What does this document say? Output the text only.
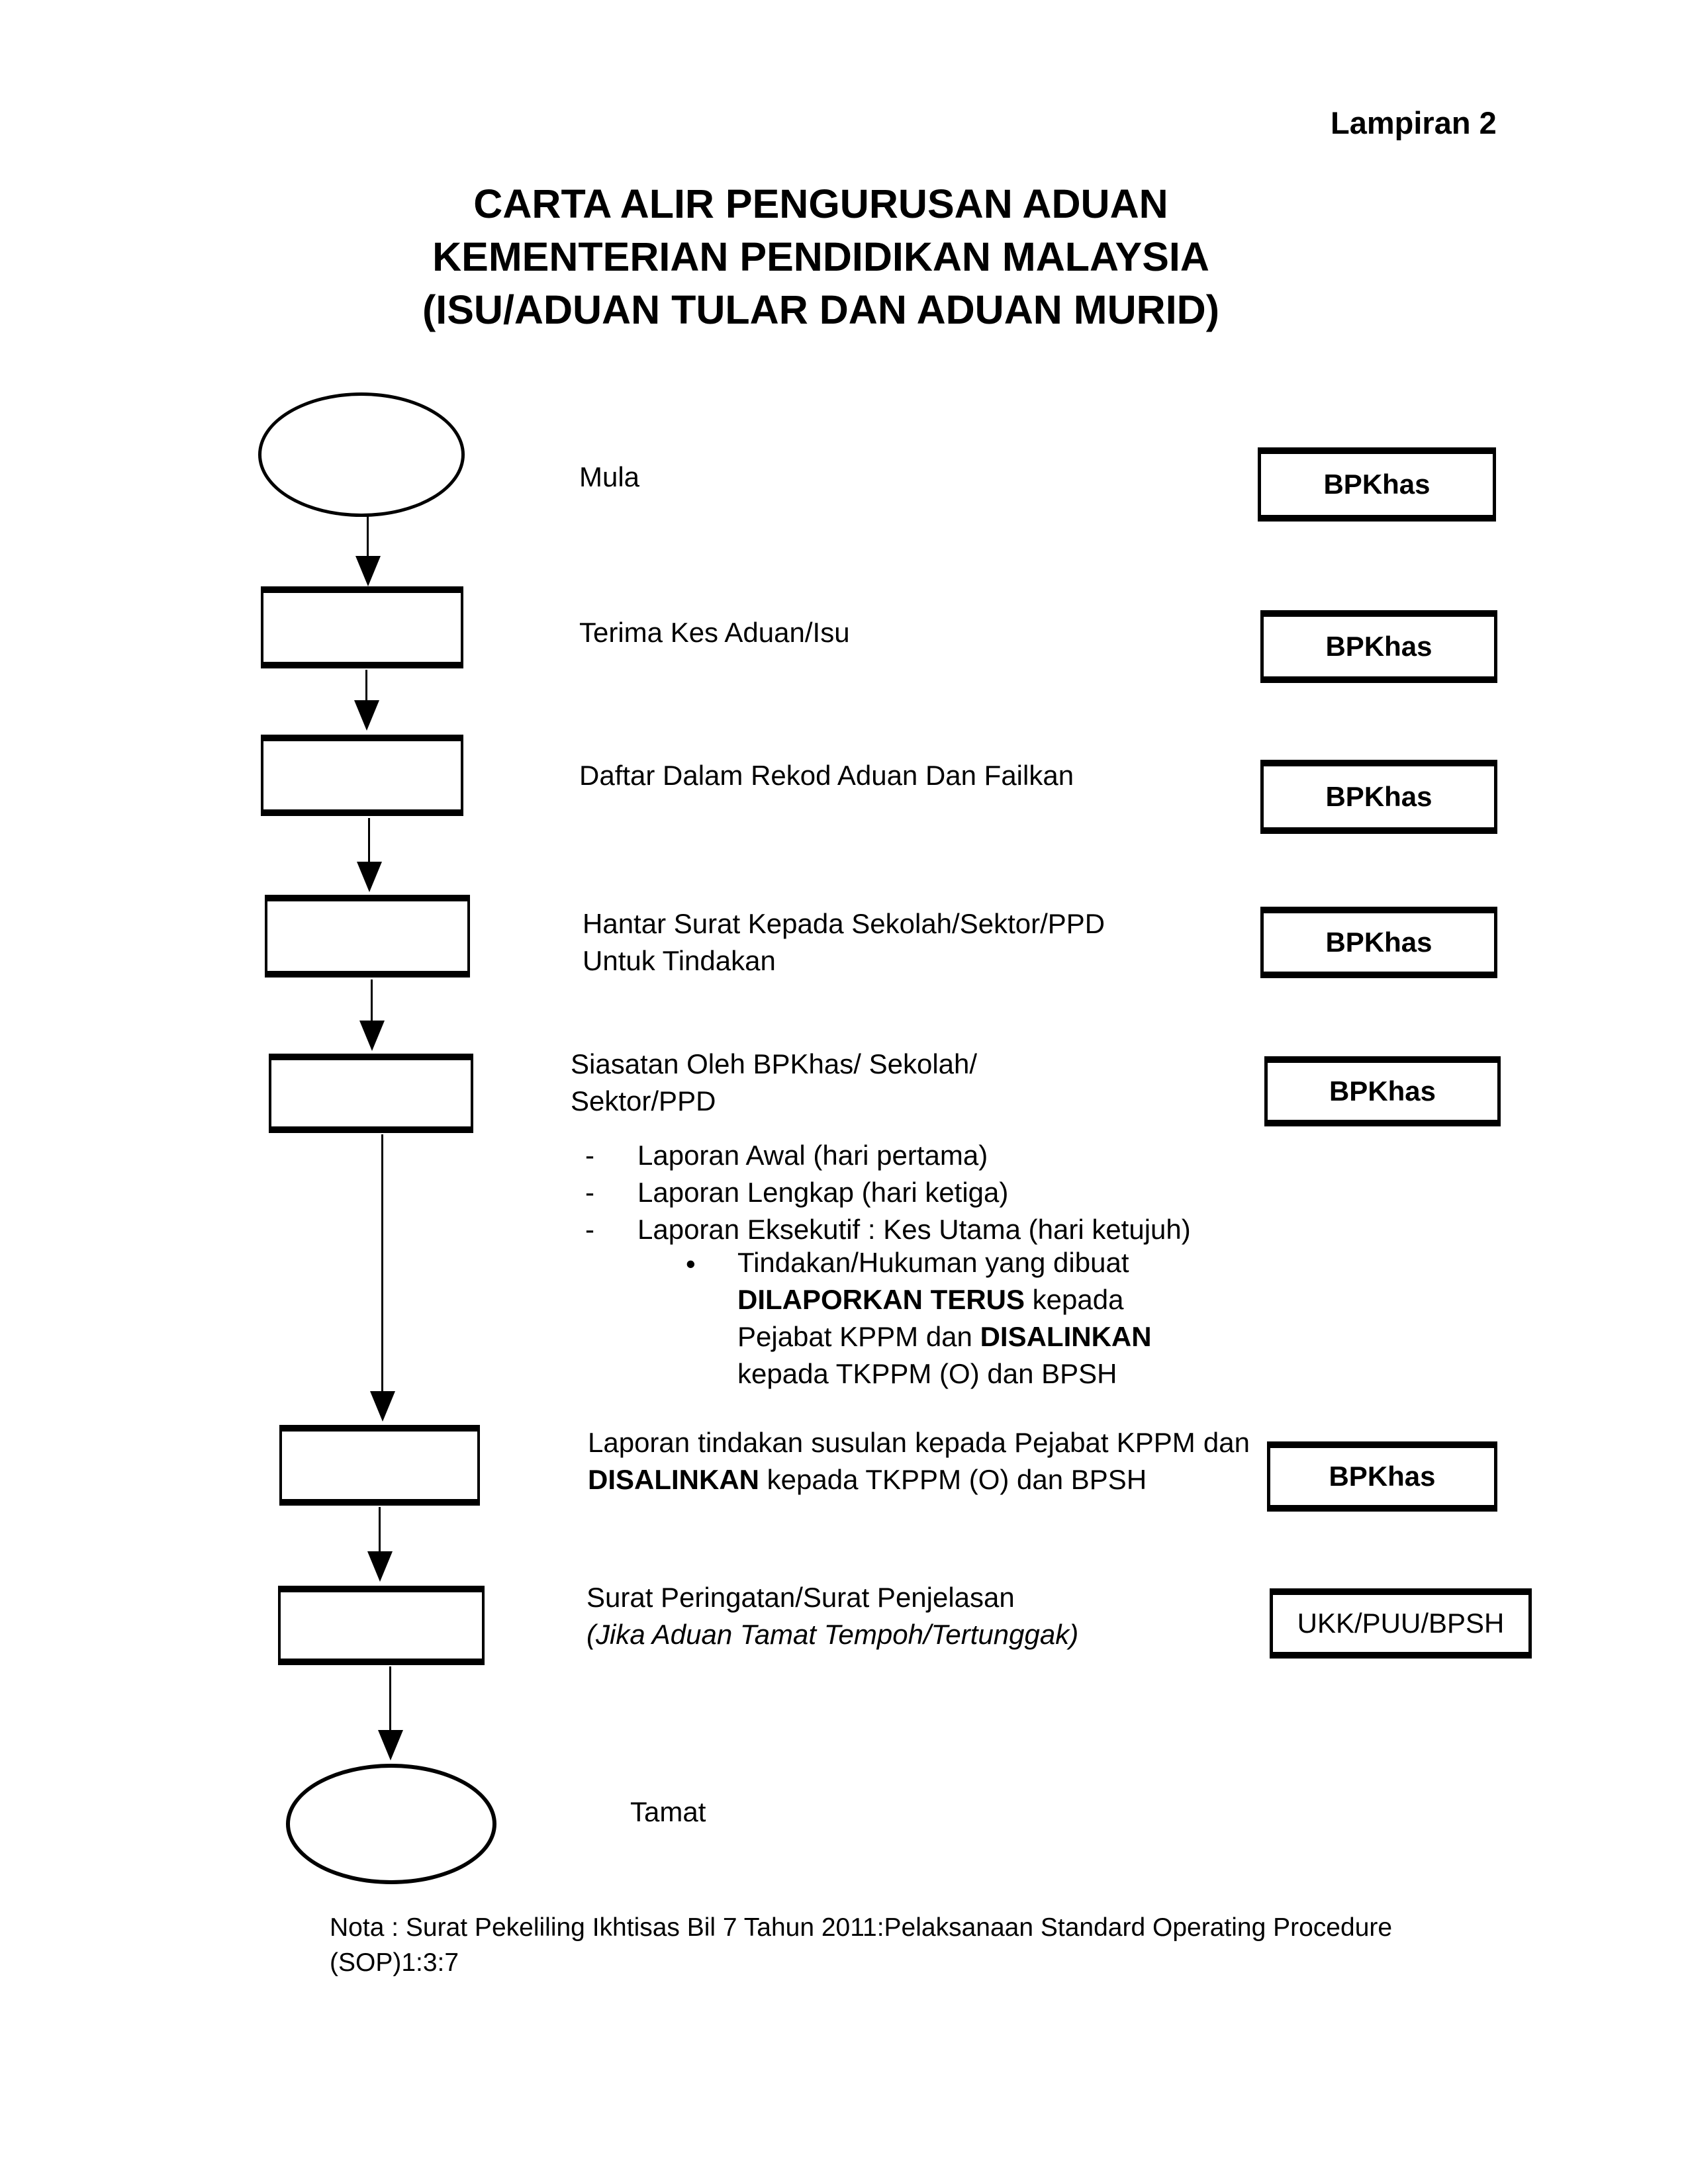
Lampiran 2
CARTA ALIR PENGURUSAN ADUAN
KEMENTERIAN PENDIDIKAN MALAYSIA
(ISU/ADUAN TULAR DAN ADUAN MURID)
Mula
Terima Kes Aduan/Isu
Daftar Dalam Rekod Aduan Dan Failkan
Hantar Surat Kepada Sekolah/Sektor/PPD
Untuk Tindakan
Siasatan Oleh BPKhas/ Sekolah/
Sektor/PPD
- Laporan Awal (hari pertama)
- Laporan Lengkap (hari ketiga)
- Laporan Eksekutif : Kes Utama (hari ketujuh)
• Tindakan/Hukuman yang dibuat
DILAPORKAN TERUS kepada
Pejabat KPPM dan DISALINKAN
kepada TKPPM (O) dan BPSH
Laporan tindakan susulan kepada Pejabat KPPM dan DISALINKAN kepada TKPPM (O) dan BPSH
Surat Peringatan/Surat Penjelasan
(Jika Aduan Tamat Tempoh/Tertunggak)
Tamat
BPKhas
BPKhas
BPKhas
BPKhas
BPKhas
BPKhas
UKK/PUU/BPSH
Nota : Surat Pekeliling Ikhtisas Bil 7 Tahun 2011:Pelaksanaan Standard Operating Procedure
(SOP)1:3:7
